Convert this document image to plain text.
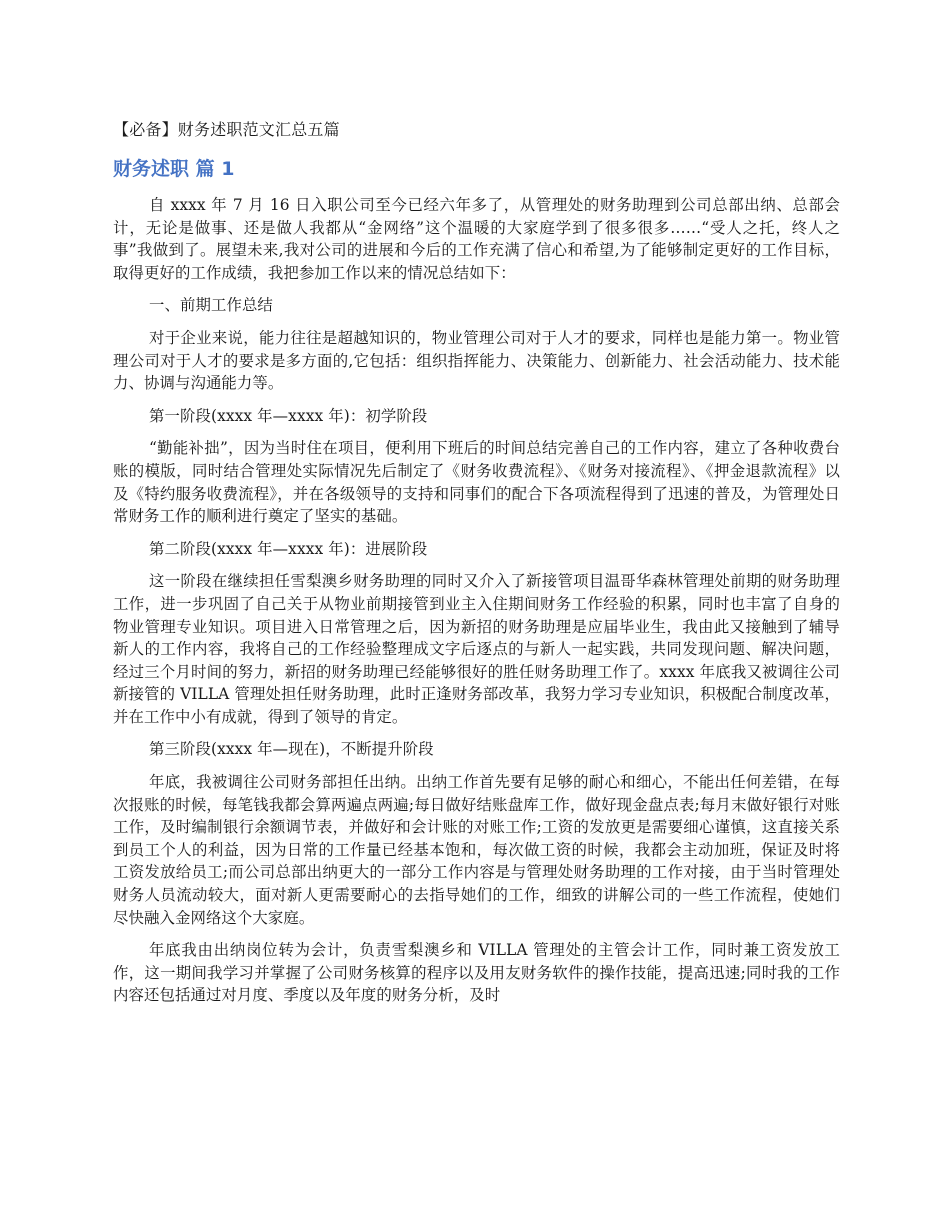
【必备】财务述职范文汇总五篇
财务述职 篇 1

自 xxxx 年 7 月 16 日入职公司至今已经六年多了，从管理处的财务助理到公司总部出纳、总部会计，无论是做事、还是做人我都从“金网络”这个温暖的大家庭学到了很多很多……“受人之托，终人之事”我做到了。展望未来,我对公司的进展和今后的工作充满了信心和希望,为了能够制定更好的工作目标，取得更好的工作成绩，我把参加工作以来的情况总结如下：

一、前期工作总结

对于企业来说，能力往往是超越知识的，物业管理公司对于人才的要求，同样也是能力第一。物业管理公司对于人才的要求是多方面的,它包括：组织指挥能力、决策能力、创新能力、社会活动能力、技术能力、协调与沟通能力等。

第一阶段(xxxx 年—xxxx 年)：初学阶段

“勤能补拙”，因为当时住在项目，便利用下班后的时间总结完善自己的工作内容，建立了各种收费台账的模版，同时结合管理处实际情况先后制定了《财务收费流程》、《财务对接流程》、《押金退款流程》以及《特约服务收费流程》，并在各级领导的支持和同事们的配合下各项流程得到了迅速的普及，为管理处日常财务工作的顺利进行奠定了坚实的基础。

第二阶段(xxxx 年—xxxx 年)：进展阶段

这一阶段在继续担任雪梨澳乡财务助理的同时又介入了新接管项目温哥华森林管理处前期的财务助理工作，进一步巩固了自己关于从物业前期接管到业主入住期间财务工作经验的积累，同时也丰富了自身的物业管理专业知识。项目进入日常管理之后，因为新招的财务助理是应届毕业生，我由此又接触到了辅导新人的工作内容，我将自己的工作经验整理成文字后逐点的与新人一起实践，共同发现问题、解决问题，经过三个月时间的努力，新招的财务助理已经能够很好的胜任财务助理工作了。xxxx 年底我又被调往公司新接管的 VILLA 管理处担任财务助理，此时正逢财务部改革，我努力学习专业知识，积极配合制度改革，并在工作中小有成就，得到了领导的肯定。

第三阶段(xxxx 年—现在)，不断提升阶段

年底，我被调往公司财务部担任出纳。出纳工作首先要有足够的耐心和细心，不能出任何差错，在每次报账的时候，每笔钱我都会算两遍点两遍;每日做好结账盘库工作，做好现金盘点表;每月末做好银行对账工作，及时编制银行余额调节表，并做好和会计账的对账工作;工资的发放更是需要细心谨慎，这直接关系到员工个人的利益，因为日常的工作量已经基本饱和，每次做工资的时候，我都会主动加班，保证及时将工资发放给员工;而公司总部出纳更大的一部分工作内容是与管理处财务助理的工作对接，由于当时管理处财务人员流动较大，面对新人更需要耐心的去指导她们的工作，细致的讲解公司的一些工作流程，使她们尽快融入金网络这个大家庭。

年底我由出纳岗位转为会计，负责雪梨澳乡和 VILLA 管理处的主管会计工作，同时兼工资发放工作，这一期间我学习并掌握了公司财务核算的程序以及用友财务软件的操作技能，提高迅速;同时我的工作内容还包括通过对月度、季度以及年度的财务分析，及时
